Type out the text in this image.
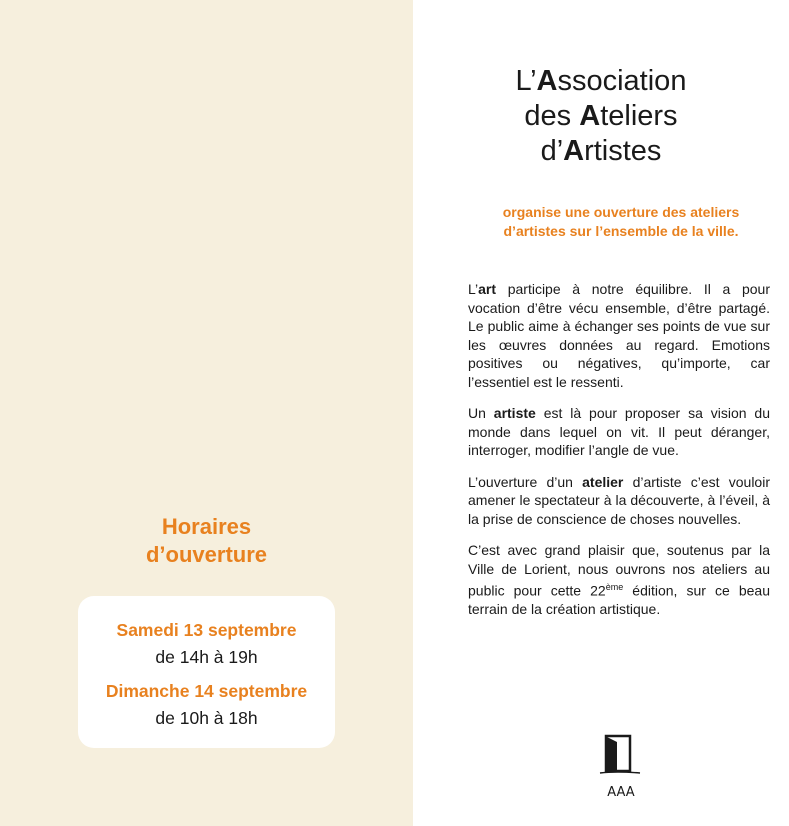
Horaires
d’ouverture
Samedi 13 septembre
de 14h à 19h
Dimanche 14 septembre
de 10h à 18h
L’Association
des Ateliers
d’Artistes
organise une ouverture des ateliers
d’artistes sur l’ensemble de la ville.

L’art participe à notre équilibre. Il a pour vocation d’être vécu ensemble, d’être partagé. Le public aime à échanger ses points de vue sur les œuvres données au regard. Emotions positives ou négatives, qu’importe, car l’essentiel est le ressenti.

Un artiste est là pour proposer sa vision du monde dans lequel on vit. Il peut déranger, interroger, modifier l’angle de vue.

L’ouverture d’un atelier d’artiste c’est vouloir amener le spectateur à la découverte, à l’éveil, à la prise de conscience de choses nouvelles.

C’est avec grand plaisir que, soutenus par la Ville de Lorient, nous ouvrons nos ateliers au public pour cette 22ème édition, sur ce beau terrain de la création artistique.

AAA
